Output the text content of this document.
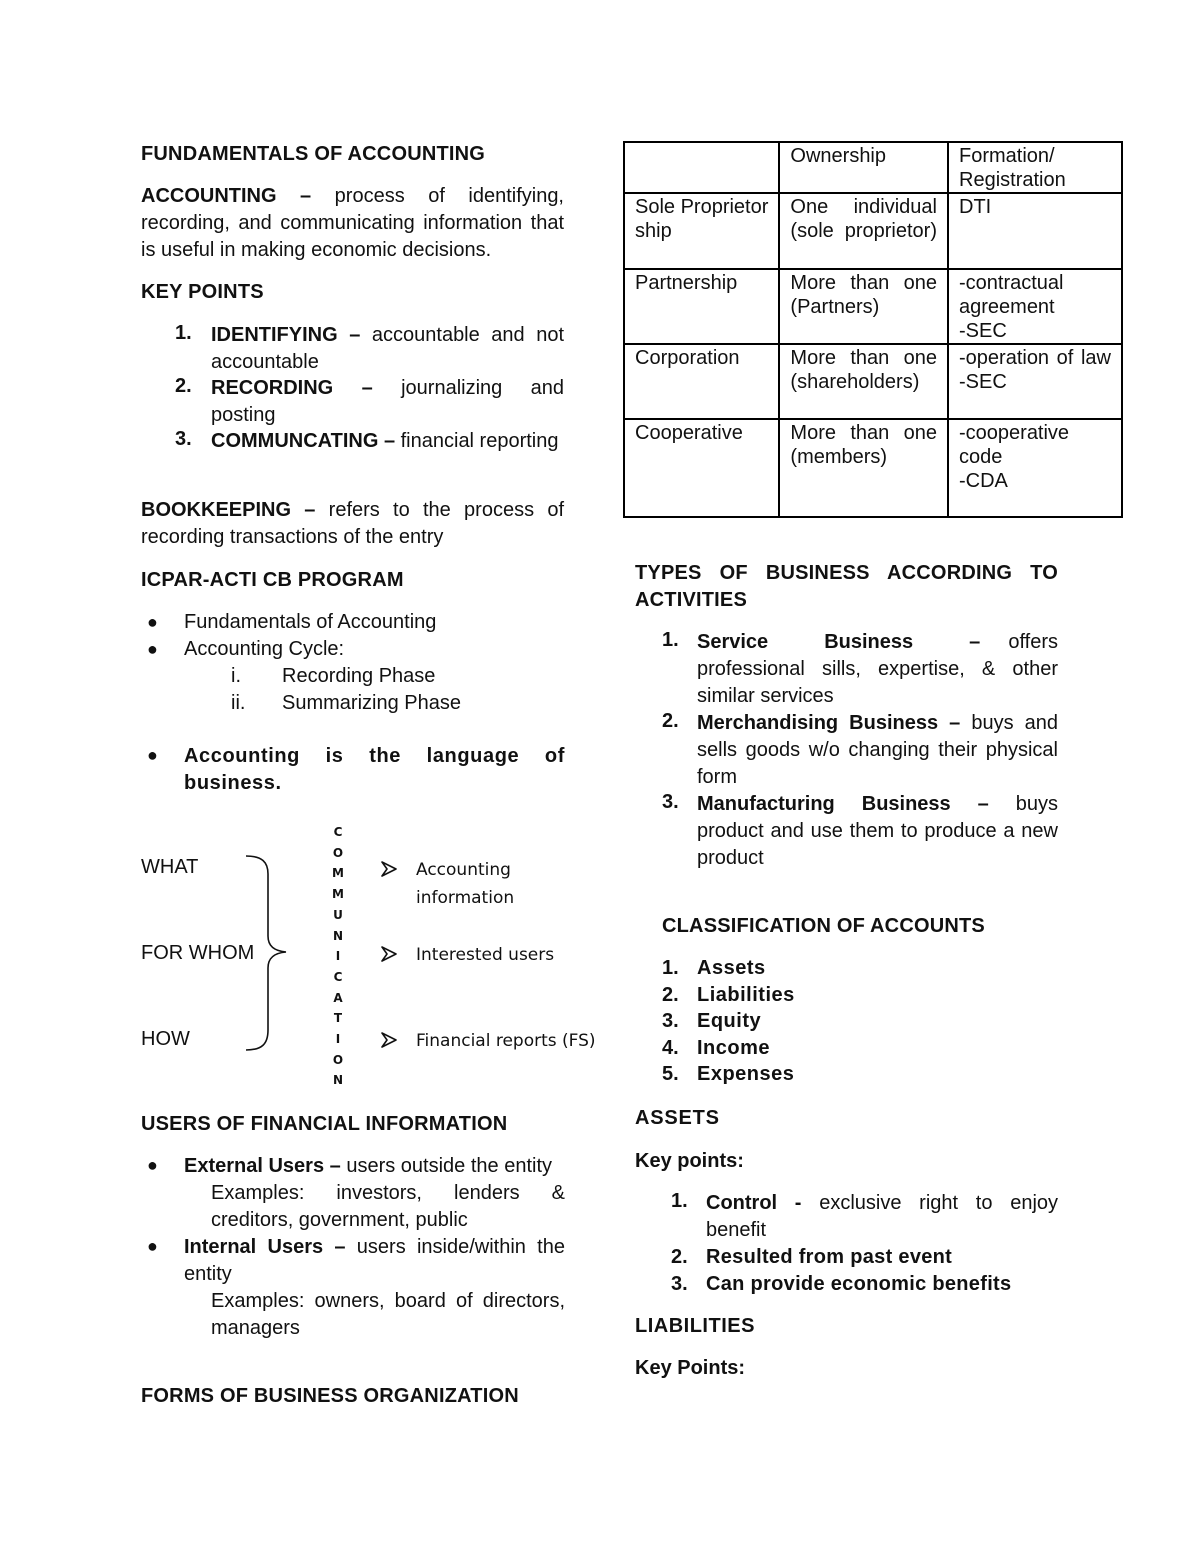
FUNDAMENTALS OF ACCOUNTING
ACCOUNTING – process of identifying, recording, and communicating information that is useful in making economic decisions.
KEY POINTS
1. IDENTIFYING – accountable and not accountable
2. RECORDING – journalizing and posting
3. COMMUNCATING – financial reporting
BOOKKEEPING – refers to the process of recording transactions of the entry
ICPAR-ACTI CB PROGRAM
● Fundamentals of Accounting
● Accounting Cycle:
i. Recording Phase
ii. Summarizing Phase
● Accounting is the language of business.
WHAT
FOR WHOM
HOW
C
O
M
M
U
N
I
C
A
T
I
O
N
Accounting information
Interested users
Financial reports (FS)
USERS OF FINANCIAL INFORMATION
● External Users – users outside the entity
Examples: investors, lenders & creditors, government, public
● Internal Users – users inside/within the entity
Examples: owners, board of directors, managers
FORMS OF BUSINESS ORGANIZATION
	Ownership	Formation/ Registration
Sole Proprietorship	One individual (sole proprietor)	DTI

Partnership	More than one (Partners)	-contractual agreement
-SEC

Corporation	More than one (shareholders)	-operation of law
-SEC

Cooperative	More than one (members)	-cooperative code
-CDA
TYPES OF BUSINESS ACCORDING TO ACTIVITIES
1. Service Business – offers professional sills, expertise, & other similar services
2. Merchandising Business – buys and sells goods w/o changing their physical form
3. Manufacturing Business – buys product and use them to produce a new product
CLASSIFICATION OF ACCOUNTS
1. Assets
2. Liabilities
3. Equity
4. Income
5. Expenses
ASSETS
Key points:
1. Control - exclusive right to enjoy benefit
2. Resulted from past event
3. Can provide economic benefits
LIABILITIES
Key Points:
